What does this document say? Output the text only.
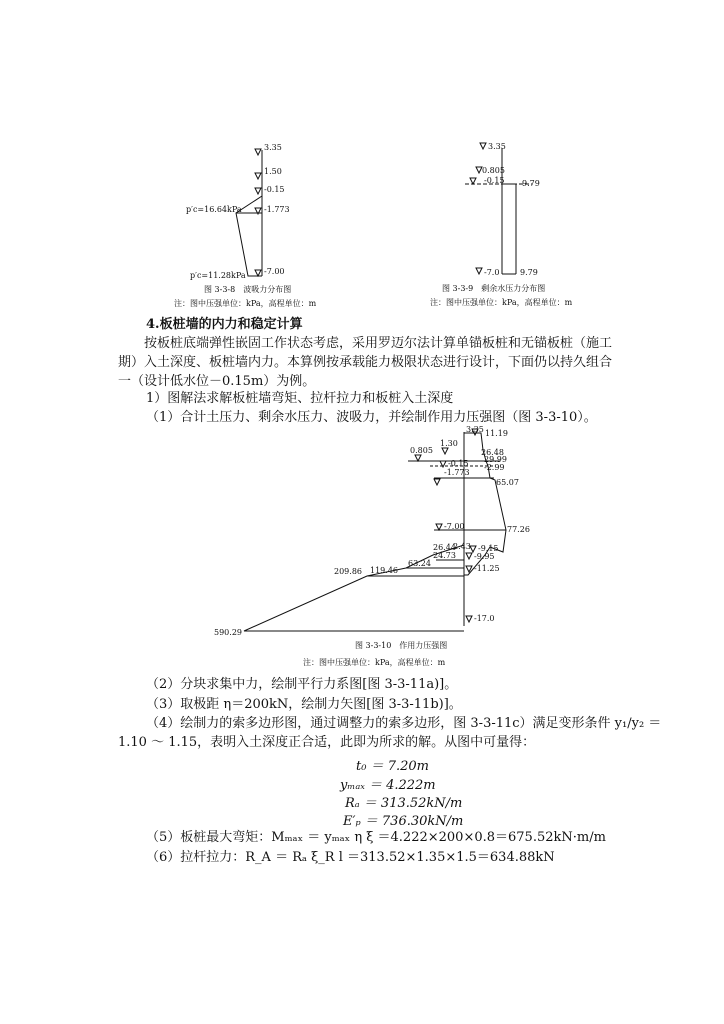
3.35
1.50
-0.15
-1.773
-7.00
p′c=16.64kPa
p′c=11.28kPa
图 3-3-8　波吸力分布图
注：图中压强单位：kPa，高程单位：m
3.35
0.805
-0.15
-7.0
9.79
9.79
图 3-3-9　剩余水压力分布图
注：图中压强单位：kPa，高程单位：m
4.板桩墙的内力和稳定计算
按板桩底端弹性嵌固工作状态考虑，采用罗迈尔法计算单锚板桩和无锚板桩（施工期）入土深度、板桩墙内力。本算例按承载能力极限状态进行设计，下面仍以持久组合一（设计低水位－0.15m）为例。
1）图解法求解板桩墙弯矩、拉杆拉力和板桩入土深度
（1）合计土压力、剩余水压力、波吸力，并绘制作用力压强图（图 3-3-10）。
3.35
1.30
0.805
-0.15
-1.773
-7.00
-9.15
-9.95
-11.25
-17.0
11.19
26.48
29.99
-2.99
65.07
77.26
2.43
26.44
24.73
63.24
209.86 119.46
590.29
图 3-3-10　作用力压强图
注：图中压强单位：kPa，高程单位：m
（2）分块求集中力，绘制平行力系图[图 3-3-11a)]。
（3）取极距 η＝200kN，绘制力矢图[图 3-3-11b)]。
（4）绘制力的索多边形图，通过调整力的索多边形，图 3-3-11c）满足变形条件 y₁/y₂ ＝
1.10 ～ 1.15，表明入土深度正合适，此即为所求的解。从图中可量得：
t₀ ＝ 7.20m
yₘₐₓ ＝ 4.222m
Rₐ ＝ 313.52kN/m
E′ₚ ＝ 736.30kN/m
（5）板桩最大弯矩：Mₘₐₓ ＝ yₘₐₓ η ξ ＝4.222×200×0.8＝675.52kN·m/m
（6）拉杆拉力：R_A ＝ Rₐ ξ_R l ＝313.52×1.35×1.5＝634.88kN
